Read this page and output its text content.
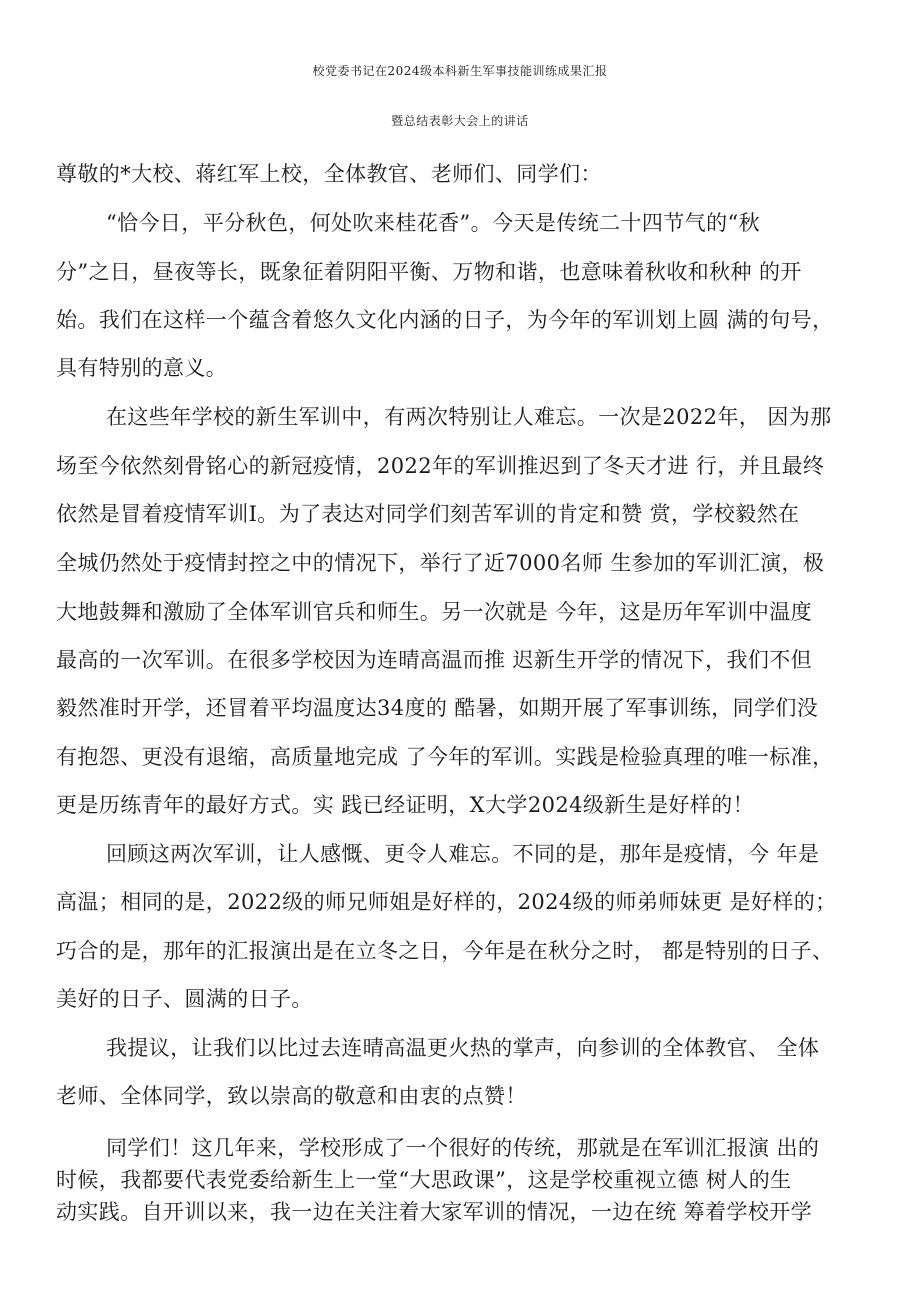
校党委书记在2024级本科新生军事技能训练成果汇报
暨总结表彰大会上的讲话
尊敬的*大校、蒋红军上校，全体教官、老师们、同学们：
“恰今日，平分秋色，何处吹来桂花香”。今天是传统二十四节气的“秋
分”之日，昼夜等长，既象征着阴阳平衡、万物和谐，也意味着秋收和秋种 的开
始。我们在这样一个蕴含着悠久文化内涵的日子，为今年的军训划上圆 满的句号，
具有特别的意义。
在这些年学校的新生军训中，有两次特别让人难忘。一次是2022年， 因为那
场至今依然刻骨铭心的新冠疫情，2022年的军训推迟到了冬天才进 行，并且最终
依然是冒着疫情军训I。为了表达对同学们刻苦军训的肯定和赞 赏，学校毅然在
全城仍然处于疫情封控之中的情况下，举行了近7000名师 生参加的军训汇演，极
大地鼓舞和激励了全体军训官兵和师生。另一次就是 今年，这是历年军训中温度
最高的一次军训。在很多学校因为连晴高温而推 迟新生开学的情况下，我们不但
毅然准时开学，还冒着平均温度达34度的 酷暑，如期开展了军事训练，同学们没
有抱怨、更没有退缩，高质量地完成 了今年的军训。实践是检验真理的唯一标准，
更是历练青年的最好方式。实 践已经证明，X大学2024级新生是好样的！
回顾这两次军训，让人感慨、更令人难忘。不同的是，那年是疫情，今 年是
高温；相同的是，2022级的师兄师姐是好样的，2024级的师弟师妹更 是好样的；
巧合的是，那年的汇报演出是在立冬之日，今年是在秋分之时， 都是特别的日子、
美好的日子、圆满的日子。
我提议，让我们以比过去连晴高温更火热的掌声，向参训的全体教官、 全体
老师、全体同学，致以崇高的敬意和由衷的点赞！
同学们！这几年来，学校形成了一个很好的传统，那就是在军训汇报演 出的
时候，我都要代表党委给新生上一堂“大思政课”，这是学校重视立德 树人的生
动实践。自开训以来，我一边在关注着大家军训的情况，一边在统 筹着学校开学
